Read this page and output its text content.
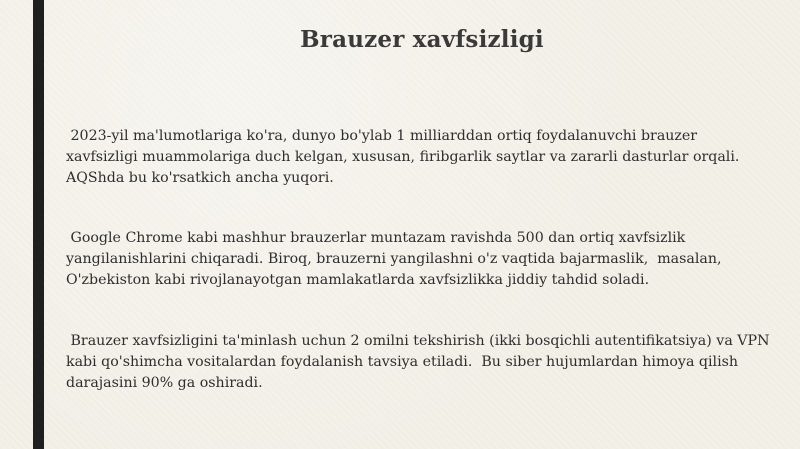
Brauzer xavfsizligi
2023-yil ma'lumotlariga ko'ra, dunyo bo'ylab 1 milliarddan ortiq foydalanuvchi brauzer
xavfsizligi muammolariga duch kelgan, xususan, firibgarlik saytlar va zararli dasturlar orqali.
AQShda bu ko'rsatkich ancha yuqori.
Google Chrome kabi mashhur brauzerlar muntazam ravishda 500 dan ortiq xavfsizlik
yangilanishlarini chiqaradi. Biroq, brauzerni yangilashni o'z vaqtida bajarmaslik,  masalan,
O'zbekiston kabi rivojlanayotgan mamlakatlarda xavfsizlikka jiddiy tahdid soladi.
Brauzer xavfsizligini ta'minlash uchun 2 omilni tekshirish (ikki bosqichli autentifikatsiya) va VPN
kabi qo'shimcha vositalardan foydalanish tavsiya etiladi.  Bu siber hujumlardan himoya qilish
darajasini 90% ga oshiradi.
